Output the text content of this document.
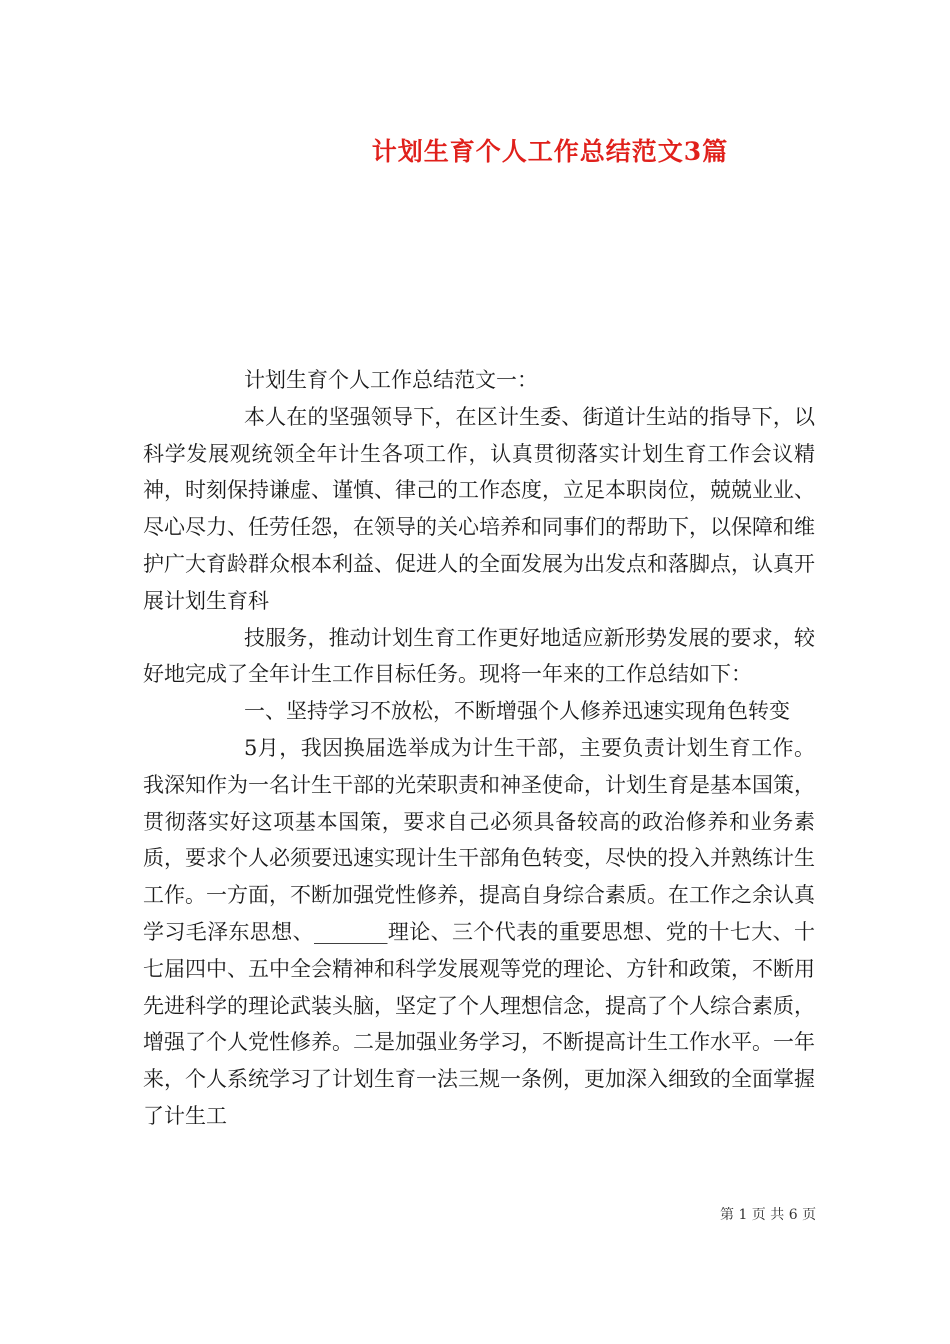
计划生育个人工作总结范文3篇

计划生育个人工作总结范文一：

本人在的坚强领导下，在区计生委、街道计生站的指导下，以科学发展观统领全年计生各项工作，认真贯彻落实计划生育工作会议精神，时刻保持谦虚、谨慎、律己的工作态度，立足本职岗位，兢兢业业、尽心尽力、任劳任怨，在领导的关心培养和同事们的帮助下，以保障和维护广大育龄群众根本利益、促进人的全面发展为出发点和落脚点，认真开展计划生育科

技服务，推动计划生育工作更好地适应新形势发展的要求，较好地完成了全年计生工作目标任务。现将一年来的工作总结如下：

一、坚持学习不放松，不断增强个人修养迅速实现角色转变

5月，我因换届选举成为计生干部，主要负责计划生育工作。我深知作为一名计生干部的光荣职责和神圣使命，计划生育是基本国策，贯彻落实好这项基本国策，要求自己必须具备较高的政治修养和业务素质，要求个人必须要迅速实现计生干部角色转变，尽快的投入并熟练计生工作。一方面，不断加强党性修养，提高自身综合素质。在工作之余认真学习毛泽东思想、_______理论、三个代表的重要思想、党的十七大、十七届四中、五中全会精神和科学发展观等党的理论、方针和政策，不断用先进科学的理论武装头脑，坚定了个人理想信念，提高了个人综合素质，增强了个人党性修养。二是加强业务学习，不断提高计生工作水平。一年来，个人系统学习了计划生育一法三规一条例，更加深入细致的全面掌握了计生工

第 1 页 共 6 页
